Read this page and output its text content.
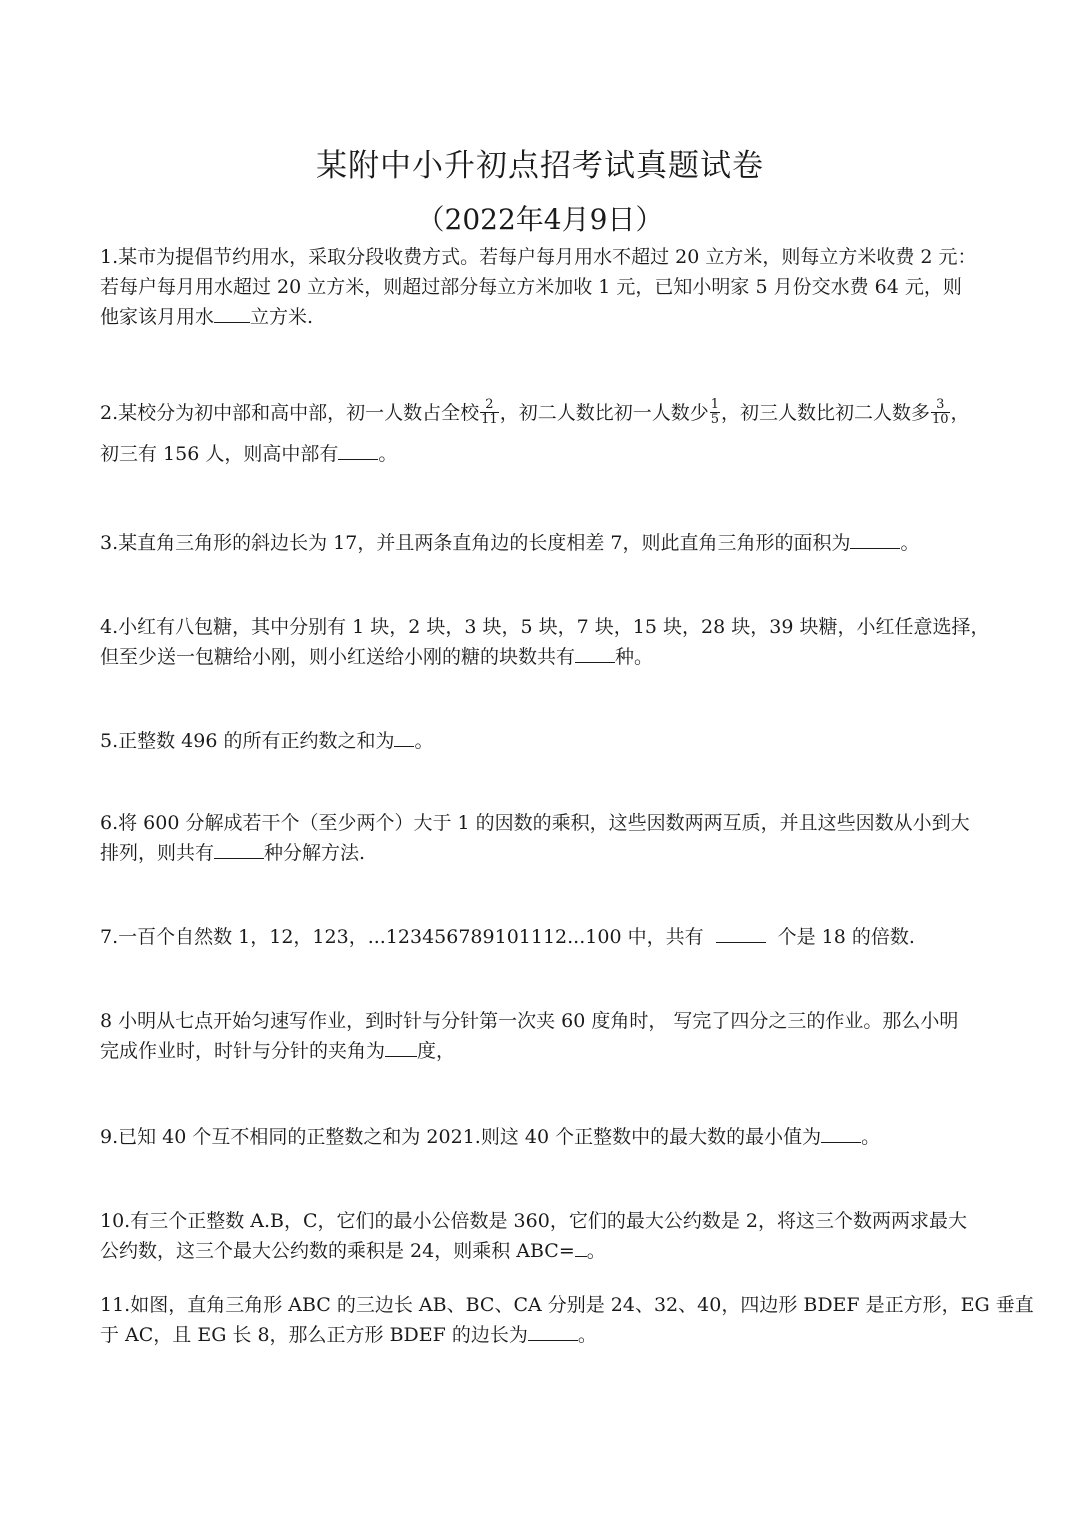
某附中小升初点招考试真题试卷
（2022年4月9日）
1.某市为提倡节约用水，采取分段收费方式。若每户每月用水不超过 20 立方米，则每立方米收费 2 元：
若每户每月用水超过 20 立方米，则超过部分每立方米加收 1 元，已知小明家 5 月份交水费 64 元，则
他家该月用水 立方米.
2.某校分为初中部和高中部，初一人数占全校 $\frac{2}{11}$ ，初二人数比初一人数少 $\frac{1}{5}$ ，初三人数比初二人数多 $\frac{3}{10}$ ，
初三有 156 人，则高中部有 。
3.某直角三角形的斜边长为 17，并且两条直角边的长度相差 7，则此直角三角形的面积为	。
4.小红有八包糖，其中分别有 1 块，2 块，3 块，5 块，7 块，15 块，28 块，39 块糖，小红任意选择，
但至少送一包糖给小刚，则小红送给小刚的糖的块数共有 种。
5.正整数 496 的所有正约数之和为 。
6.将 600 分解成若干个（至少两个）大于 1 的因数的乘积，这些因数两两互质，并且这些因数从小到大
排列，则共有	种分解方法.
7.一百个自然数 1，12，123，...123456789101112...100 中，共有	个是 18 的倍数.
8 小明从七点开始匀速写作业，到时针与分针第一次夹 60 度角时， 写完了四分之三的作业。那么小明
完成作业时，时针与分针的夹角为 度，
9.已知 40 个互不相同的正整数之和为 2021.则这 40 个正整数中的最大数的最小值为 。
10.有三个正整数 A.B，C，它们的最小公倍数是 360，它们的最大公约数是 2，将这三个数两两求最大
公约数，这三个最大公约数的乘积是 24，则乘积 ABC= 。
11.如图，直角三角形 ABC 的三边长 AB、BC、CA 分别是 24、32、40，四边形 BDEF 是正方形，EG 垂直
于 AC，且 EG 长 8，那么正方形 BDEF 的边长为	。
